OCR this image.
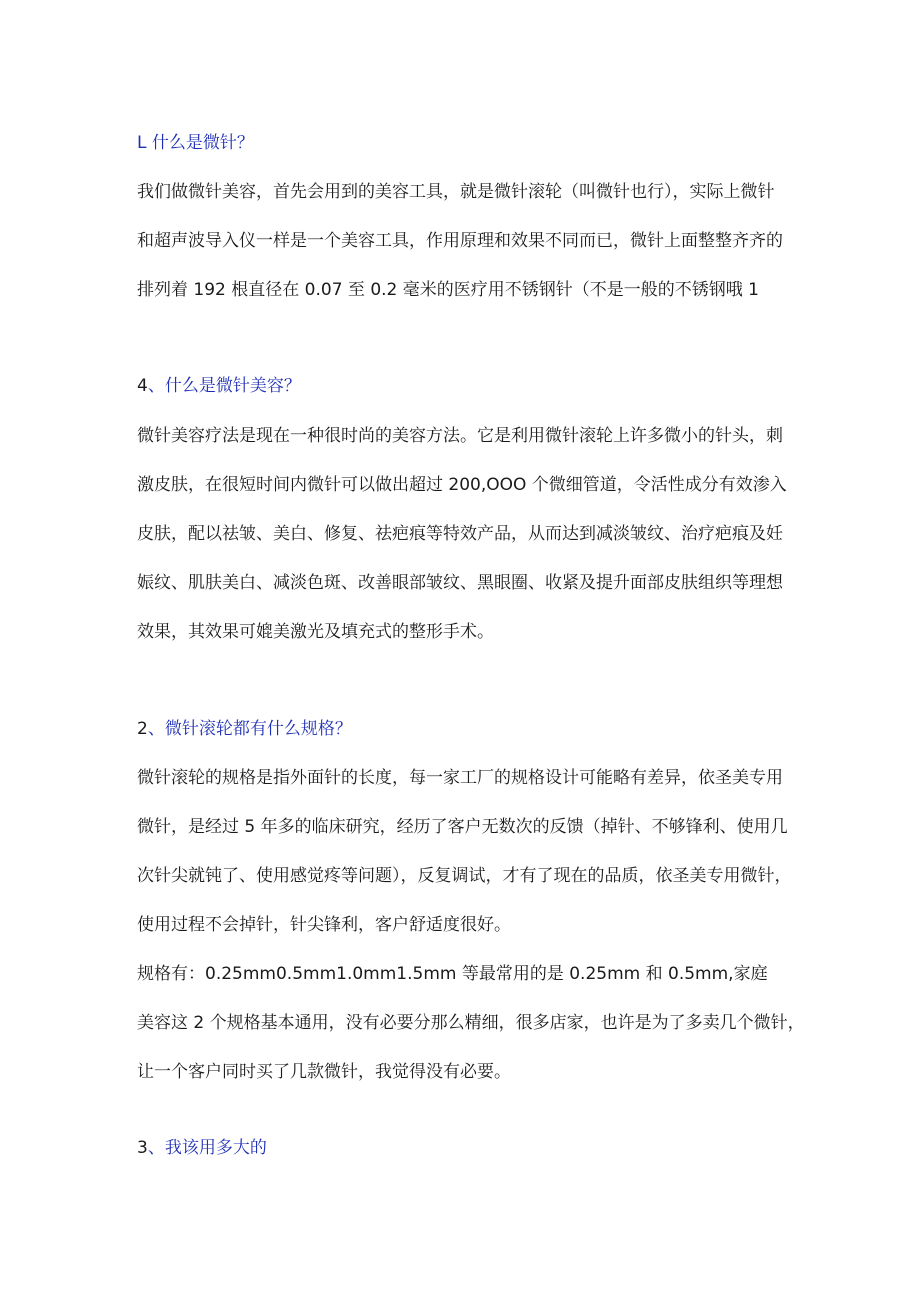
L 什么是微针？

我们做微针美容，首先会用到的美容工具，就是微针滚轮（叫微针也行），实际上微针

和超声波导入仪一样是一个美容工具，作用原理和效果不同而已，微针上面整整齐齐的

排列着 192 根直径在 0.07 至 0.2 毫米的医疗用不锈钢针（不是一般的不锈钢哦 1

4、什么是微针美容？

微针美容疗法是现在一种很时尚的美容方法。它是利用微针滚轮上许多微小的针头，刺

激皮肤，在很短时间内微针可以做出超过 200,OOO 个微细管道，令活性成分有效渗入

皮肤，配以祛皱、美白、修复、祛疤痕等特效产品，从而达到减淡皱纹、治疗疤痕及妊

娠纹、肌肤美白、减淡色斑、改善眼部皱纹、黑眼圈、收紧及提升面部皮肤组织等理想

效果，其效果可媲美激光及填充式的整形手术。

2、微针滚轮都有什么规格？

微针滚轮的规格是指外面针的长度，每一家工厂的规格设计可能略有差异，依圣美专用

微针，是经过 5 年多的临床研究，经历了客户无数次的反馈（掉针、不够锋利、使用几

次针尖就钝了、使用感觉疼等问题），反复调试，才有了现在的品质，依圣美专用微针，

使用过程不会掉针，针尖锋利，客户舒适度很好。

规格有：0.25mm0.5mm1.0mm1.5mm 等最常用的是 0.25mm 和 0.5mm,家庭

美容这 2 个规格基本通用，没有必要分那么精细，很多店家，也许是为了多卖几个微针，

让一个客户同时买了几款微针，我觉得没有必要。

3、我该用多大的
